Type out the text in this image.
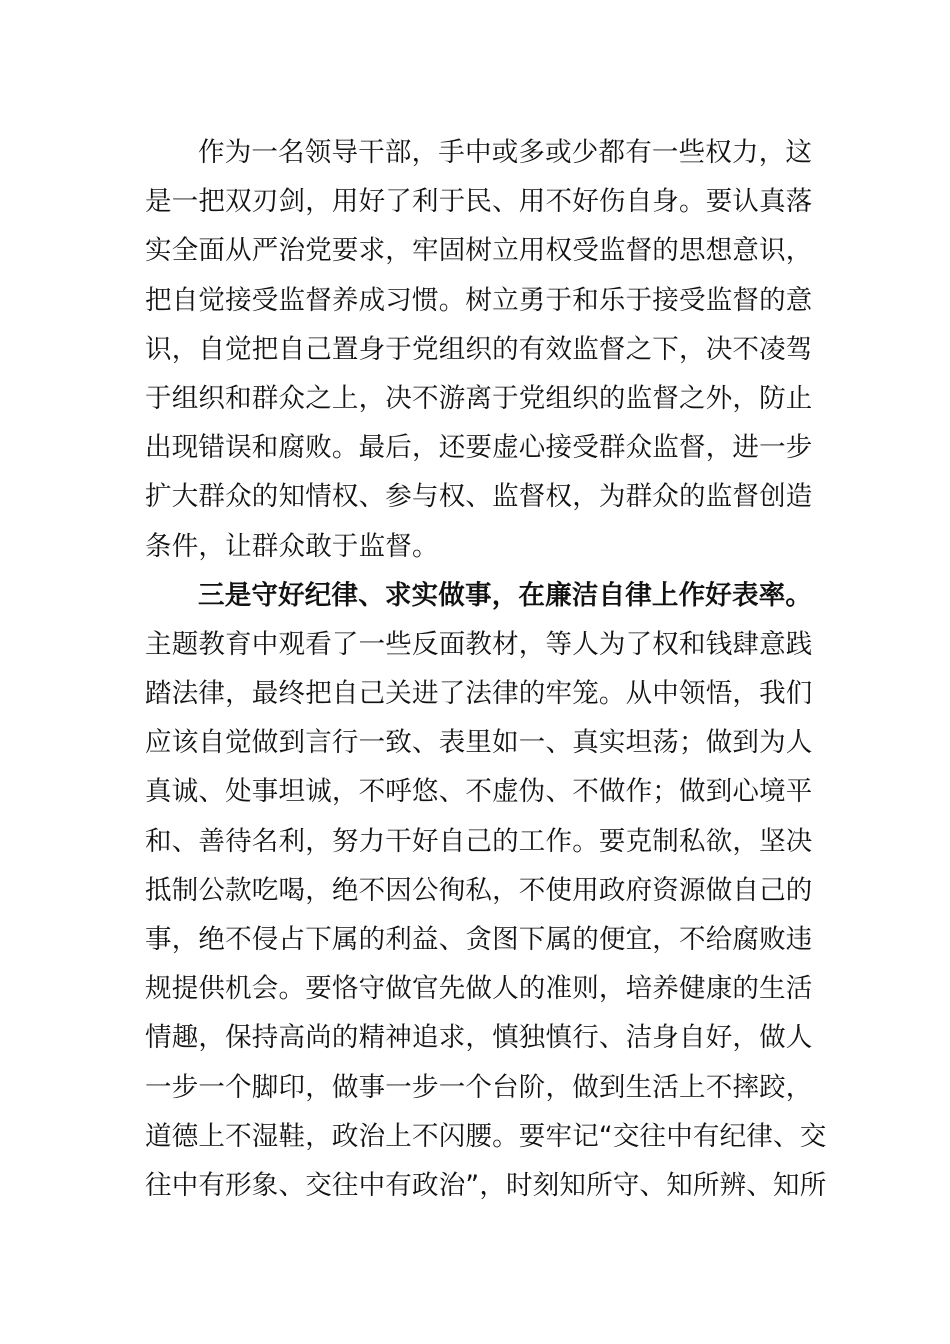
作为一名领导干部，手中或多或少都有一些权力，这
是一把双刃剑，用好了利于民、用不好伤自身。要认真落
实全面从严治党要求，牢固树立用权受监督的思想意识，
把自觉接受监督养成习惯。树立勇于和乐于接受监督的意
识，自觉把自己置身于党组织的有效监督之下，决不凌驾
于组织和群众之上，决不游离于党组织的监督之外，防止
出现错误和腐败。最后，还要虚心接受群众监督，进一步
扩大群众的知情权、参与权、监督权，为群众的监督创造
条件，让群众敢于监督。
三是守好纪律、求实做事，在廉洁自律上作好表率。
主题教育中观看了一些反面教材，等人为了权和钱肆意践
踏法律，最终把自己关进了法律的牢笼。从中领悟，我们
应该自觉做到言行一致、表里如一、真实坦荡；做到为人
真诚、处事坦诚，不呼悠、不虚伪、不做作；做到心境平
和、善待名利，努力干好自己的工作。要克制私欲，坚决
抵制公款吃喝，绝不因公徇私，不使用政府资源做自己的
事，绝不侵占下属的利益、贪图下属的便宜，不给腐败违
规提供机会。要恪守做官先做人的准则，培养健康的生活
情趣，保持高尚的精神追求，慎独慎行、洁身自好，做人
一步一个脚印，做事一步一个台阶，做到生活上不摔跤，
道德上不湿鞋，政治上不闪腰。要牢记“交往中有纪律、交
往中有形象、交往中有政治”，时刻知所守、知所辨、知所
